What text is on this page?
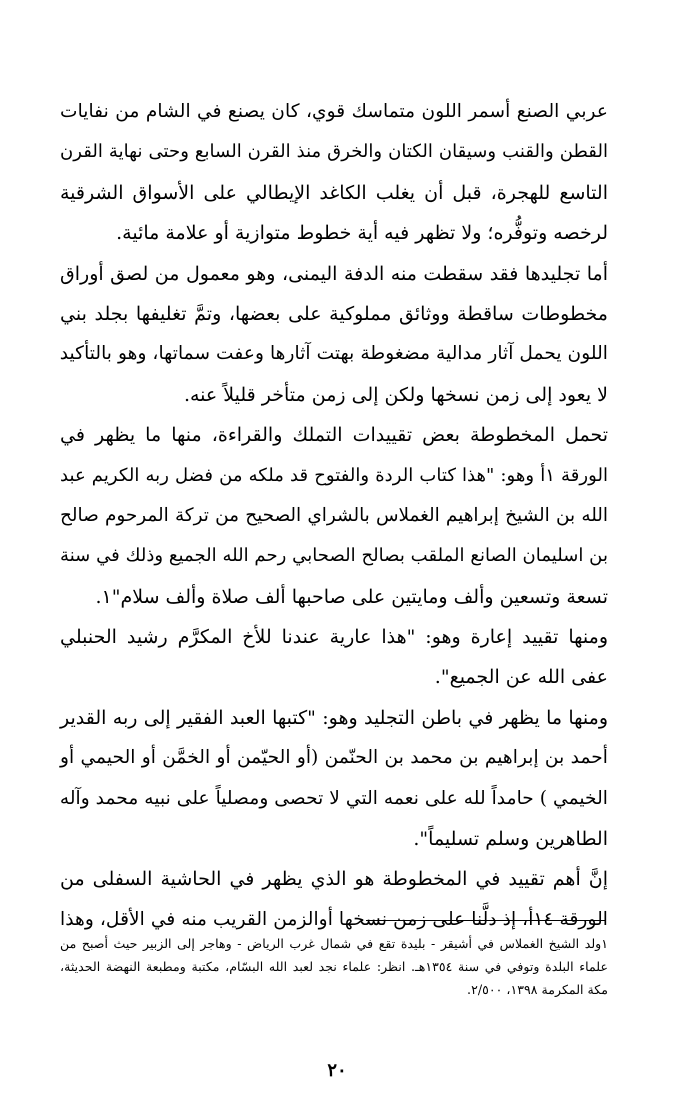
عربي الصنع أسمر اللون متماسك قوي، كان يصنع في الشام من نفايات
القطن والقنب وسيقان الكتان والخرق منذ القرن السابع وحتى نهاية القرن
التاسع للهجرة، قبل أن يغلب الكاغد الإيطالي على الأسواق الشرقية
لرخصه وتوفُّره؛ ولا تظهر فيه أية خطوط متوازية أو علامة مائية.
أما تجليدها فقد سقطت منه الدفة اليمنى، وهو معمول من لصق أوراق
مخطوطات ساقطة ووثائق مملوكية على بعضها، وتمَّ تغليفها بجلد بني
اللون يحمل آثار مدالية مضغوطة بهتت آثارها وعفت سماتها، وهو بالتأكيد
لا يعود إلى زمن نسخها ولكن إلى زمن متأخر قليلاً عنه.
تحمل المخطوطة بعض تقييدات التملك والقراءة، منها ما يظهر في
الورقة ١أ وهو: "هذا كتاب الردة والفتوح قد ملكه من فضل ربه الكريم عبد
الله بن الشيخ إبراهيم الغملاس بالشراي الصحيح من تركة المرحوم صالح
بن اسليمان الصانع الملقب بصالح الصحابي رحم الله الجميع وذلك في سنة
تسعة وتسعين وألف ومايتين على صاحبها ألف صلاة وألف سلام"١.
ومنها تقييد إعارة وهو: "هذا عارية عندنا للأخ المكرَّم رشيد الحنبلي
عفى الله عن الجميع".
ومنها ما يظهر في باطن التجليد وهو: "كتبها العبد الفقير إلى ربه القدير
أحمد بن إبراهيم بن محمد بن الحنّمن (أو الحيّمن أو الخمَّن أو الحيمي أو
الخيمي ) حامداً لله على نعمه التي لا تحصى ومصلياً على نبيه محمد وآله
الطاهرين وسلم تسليماً".
إنَّ أهم تقييد في المخطوطة هو الذي يظهر في الحاشية السفلى من
الورقة ١٤أ، إذ دلَّنا على زمن نسخها أوالزمن القريب منه في الأقل، وهذا
١ولد الشيخ الغملاس في أشيقر - بليدة تقع في شمال غرب الرياض - وهاجر إلى الزبير حيث أصبح من
علماء البلدة وتوفي في سنة ١٣٥٤هـ. انظر: علماء نجد لعبد الله البسّام، مكتبة ومطبعة النهضة الحديثة،
مكة المكرمة ١٣٩٨، ٢/٥٠٠.
٢٠
